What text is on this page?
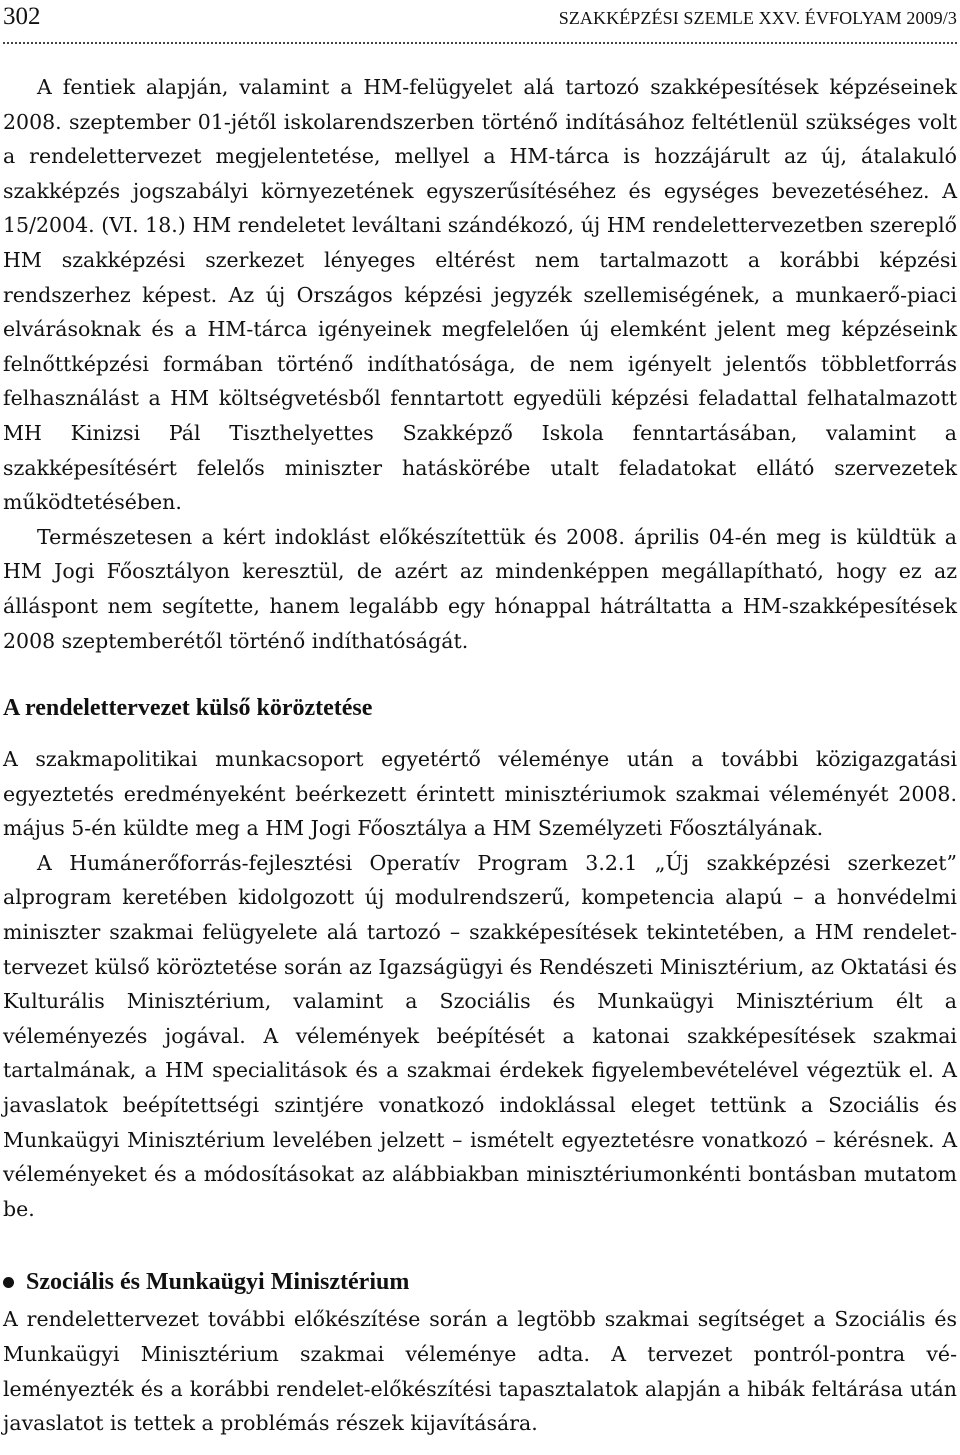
302	SZAKKÉPZÉSI SZEMLE XXV. ÉVFOLYAM 2009/3

A fentiek alapján, valamint a HM-felügyelet alá tartozó szakképesítések képzéseinek 2008. szeptember 01-jétől iskolarendszerben történő indításához feltétlenül szükséges volt a rendelettervezet megjelentetése, mellyel a HM-tárca is hozzájárult az új, átalakuló szakképzés jogszabályi környezetének egyszerűsítéséhez és egységes bevezetéséhez. A 15/2004. (VI. 18.) HM rendeletet leváltani szándékozó, új HM rendelettervezetben szereplő HM szakképzési szerkezet lényeges eltérést nem tartalmazott a korábbi képzési rendszerhez képest. Az új Országos képzési jegyzék szellemiségének, a munkaerő-piaci elvárásoknak és a HM-tárca igényeinek megfelelően új elemként jelent meg képzéseink felnőttképzési formában történő indíthatósága, de nem igényelt jelentős többletforrás felhasználást a HM költségvetésből fenntartott egyedüli képzési feladattal felhatalmazott MH Kinizsi Pál Tiszthelyettes Szakképző Iskola fenntartásában, valamint a szakképesítésért felelős miniszter hatáskörébe utalt feladatokat ellátó szervezetek működtetésében.

Természetesen a kért indoklást előkészítettük és 2008. április 04-én meg is küldtük a HM Jogi Főosztályon keresztül, de azért az mindenképpen megállapítható, hogy ez az álláspont nem segítette, hanem legalább egy hónappal hátráltatta a HM-szakképesítések 2008 szeptemberétől történő indíthatóságát.

A rendelettervezet külső köröztetése

A szakmapolitikai munkacsoport egyetértő véleménye után a további közigazgatási egyeztetés eredményeként beérkezett érintett minisztériumok szakmai véleményét 2008. május 5-én küldte meg a HM Jogi Főosztálya a HM Személyzeti Főosztályának.

A Humánerőforrás-fejlesztési Operatív Program 3.2.1 „Új szakképzési szerkezet” alprogram keretében kidolgozott új modulrendszerű, kompetencia alapú – a honvédelmi miniszter szakmai felügyelete alá tartozó – szakképesítések tekintetében, a HM rendelet-tervezet külső köröztetése során az Igazságügyi és Rendészeti Minisztérium, az Oktatási és Kulturális Minisztérium, valamint a Szociális és Munkaügyi Minisztérium élt a véleményezés jogával. A vélemények beépítését a katonai szakképesítések szakmai tartalmának, a HM specialitások és a szakmai érdekek figyelembevételével végeztük el. A javaslatok beépítettségi szintjére vonatkozó indoklással eleget tettünk a Szociális és Munkaügyi Minisztérium levelében jelzett – ismételt egyeztetésre vonatkozó – kérésnek. A véleményeket és a módosításokat az alábbiakban minisztériumonkénti bontásban mutatom be.

Szociális és Munkaügyi Minisztérium

A rendelettervezet további előkészítése során a legtöbb szakmai segítséget a Szociális és Munkaügyi Minisztérium szakmai véleménye adta. A tervezet pontról-pontra véleményezték és a korábbi rendelet-előkészítési tapasztalatok alapján a hibák feltárása után javaslatot is tettek a problémás részek kijavítására.
